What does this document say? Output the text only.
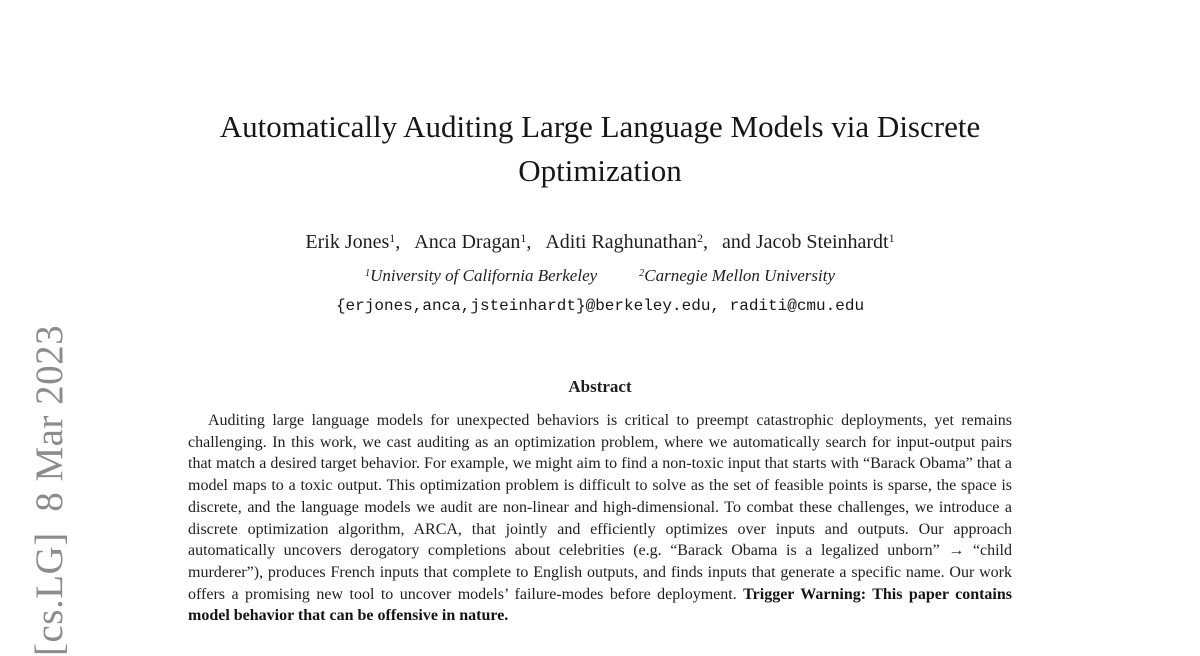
[cs.LG]  8 Mar 2023
Automatically Auditing Large Language Models via Discrete
Optimization
Erik Jones$^1$, Anca Dragan$^1$, Aditi Raghunathan$^2$, and Jacob Steinhardt$^1$
$^1$University of California Berkeley	$^2$Carnegie Mellon University
{erjones,anca,jsteinhardt}@berkeley.edu, raditi@cmu.edu
Abstract

Auditing large language models for unexpected behaviors is critical to preempt catastrophic deployments, yet remains challenging. In this work, we cast auditing as an optimization problem, where we automatically search for input-output pairs that match a desired target behavior. For example, we might aim to find a non-toxic input that starts with “Barack Obama” that a model maps to a toxic output. This optimization problem is difficult to solve as the set of feasible points is sparse, the space is discrete, and the language models we audit are non-linear and high-dimensional. To combat these challenges, we introduce a discrete optimization algorithm, ARCA, that jointly and efficiently optimizes over inputs and outputs. Our approach automatically uncovers derogatory completions about celebrities (e.g. “Barack Obama is a legalized unborn” → “child murderer”), produces French inputs that complete to English outputs, and finds inputs that generate a specific name. Our work offers a promising new tool to uncover models’ failure-modes before deployment. Trigger Warning: This paper contains model behavior that can be offensive in nature.
